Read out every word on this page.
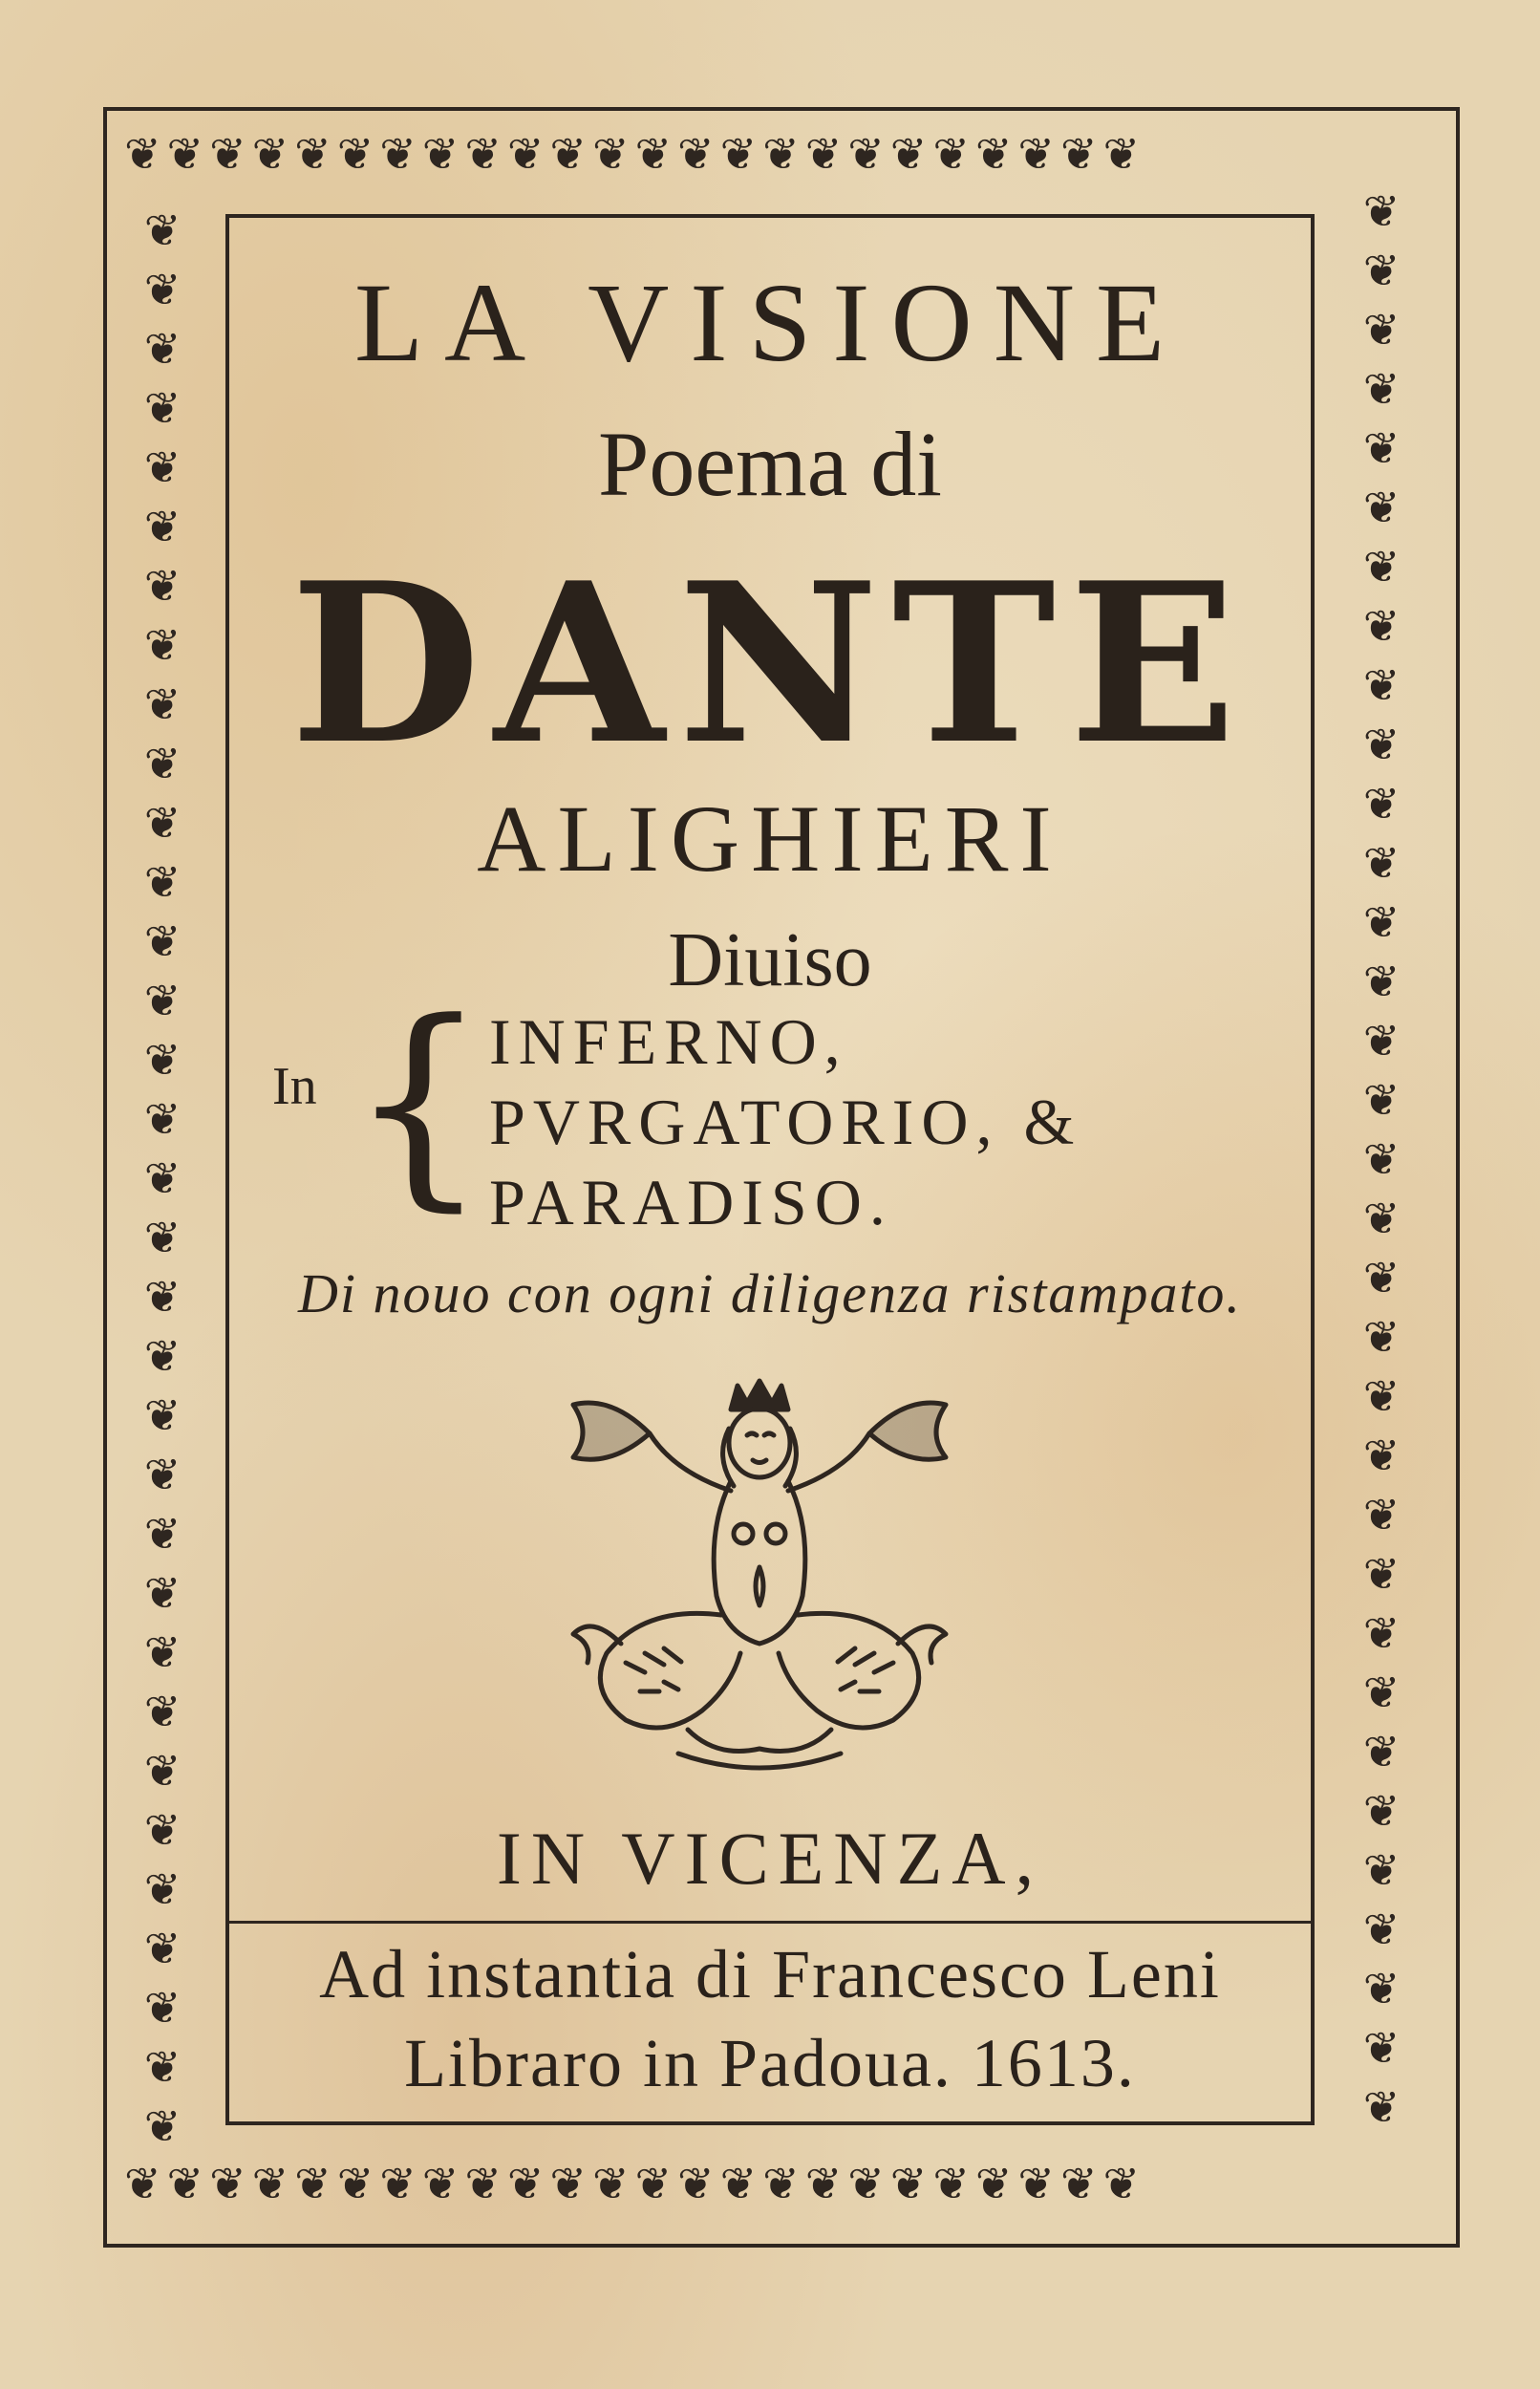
❦❦❦❦❦❦❦❦❦❦❦❦❦❦❦❦❦❦❦❦❦❦❦❦
❦❦❦❦❦❦❦❦❦❦❦❦❦❦❦❦❦❦❦❦❦❦❦❦
❦❦❦❦❦❦❦❦❦❦❦❦❦❦❦❦❦❦❦❦❦❦❦❦❦❦❦❦❦❦❦❦❦
❦❦❦❦❦❦❦❦❦❦❦❦❦❦❦❦❦❦❦❦❦❦❦❦❦❦❦❦❦❦❦❦❦
LA VISIONE
Poema di
DANTE
ALIGHIERI
Diuiso
In { INFERNO,
PVRGATORIO, &
PARADISO.
Di nouo con ogni diligenza ristampato.
IN VICENZA,
Ad instantia di Francesco Leni
Libraro in Padoua. 1613.
